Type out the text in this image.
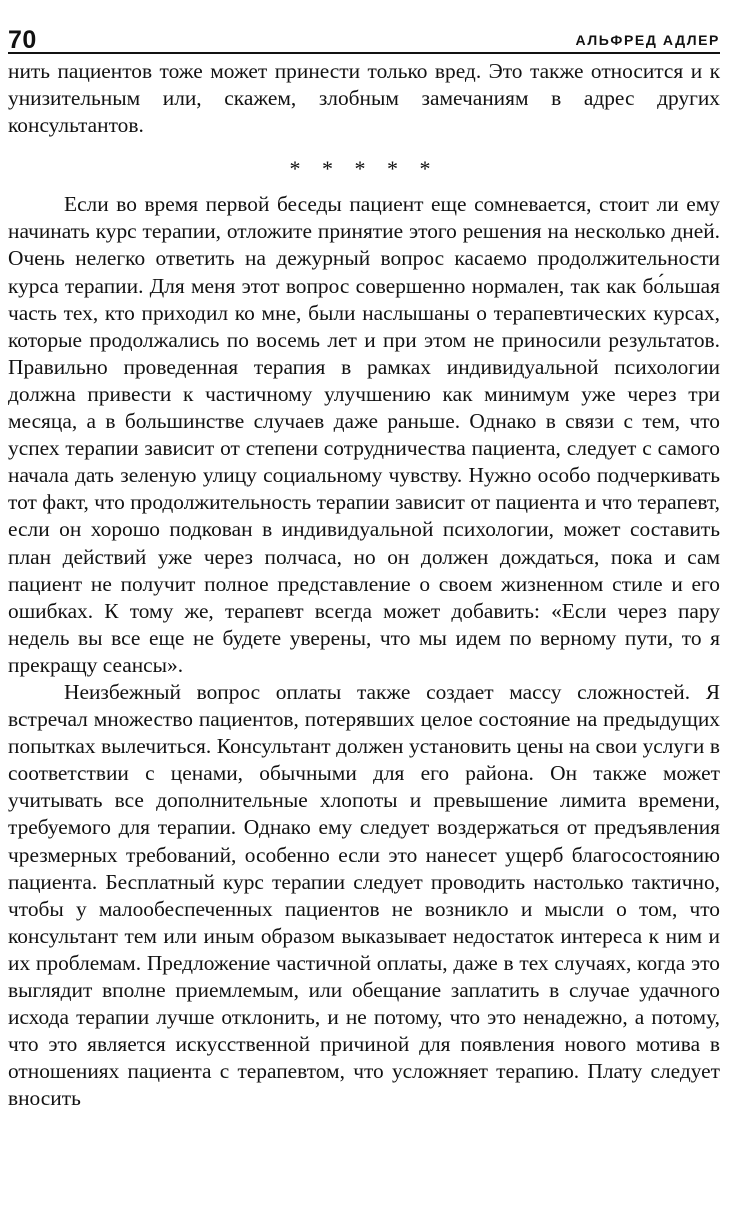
70	АЛЬФРЕД АДЛЕР

нить пациентов тоже может принести только вред. Это также относится и к унизительным или, скажем, злобным замечаниям в адрес других консультантов.

* * * * *

Если во время первой беседы пациент еще сомневается, стоит ли ему начинать курс терапии, отложите принятие этого решения на несколько дней. Очень нелегко ответить на дежурный вопрос касаемо продолжительности курса терапии. Для меня этот вопрос совершенно нормален, так как бо́льшая часть тех, кто приходил ко мне, были наслышаны о терапевтических курсах, которые продолжались по восемь лет и при этом не приносили результатов. Правильно проведенная терапия в рамках индивидуальной психологии должна привести к частичному улучшению как минимум уже через три месяца, а в большинстве случаев даже раньше. Однако в связи с тем, что успех терапии зависит от степени сотрудничества пациента, следует с самого начала дать зеленую улицу социальному чувству. Нужно особо подчеркивать тот факт, что продолжительность терапии зависит от пациента и что терапевт, если он хорошо подкован в индивидуальной психологии, может составить план действий уже через полчаса, но он должен дождаться, пока и сам пациент не получит полное представление о своем жизненном стиле и его ошибках. К тому же, терапевт всегда может добавить: «Если через пару недель вы все еще не будете уверены, что мы идем по верному пути, то я прекращу сеансы».

Неизбежный вопрос оплаты также создает массу сложностей. Я встречал множество пациентов, потерявших целое состояние на предыдущих попытках вылечиться. Консультант должен установить цены на свои услуги в соответствии с ценами, обычными для его района. Он также может учитывать все дополнительные хлопоты и превышение лимита времени, требуемого для терапии. Однако ему следует воздержаться от предъявления чрезмерных требований, особенно если это нанесет ущерб благосостоянию пациента. Бесплатный курс терапии следует проводить настолько тактично, чтобы у малообеспеченных пациентов не возникло и мысли о том, что консультант тем или иным образом выказывает недостаток интереса к ним и их проблемам. Предложение частичной оплаты, даже в тех случаях, когда это выглядит вполне приемлемым, или обещание заплатить в случае удачного исхода терапии лучше отклонить, и не потому, что это ненадежно, а потому, что это является искусственной причиной для появления нового мотива в отношениях пациента с терапевтом, что усложняет терапию. Плату следует вносить
